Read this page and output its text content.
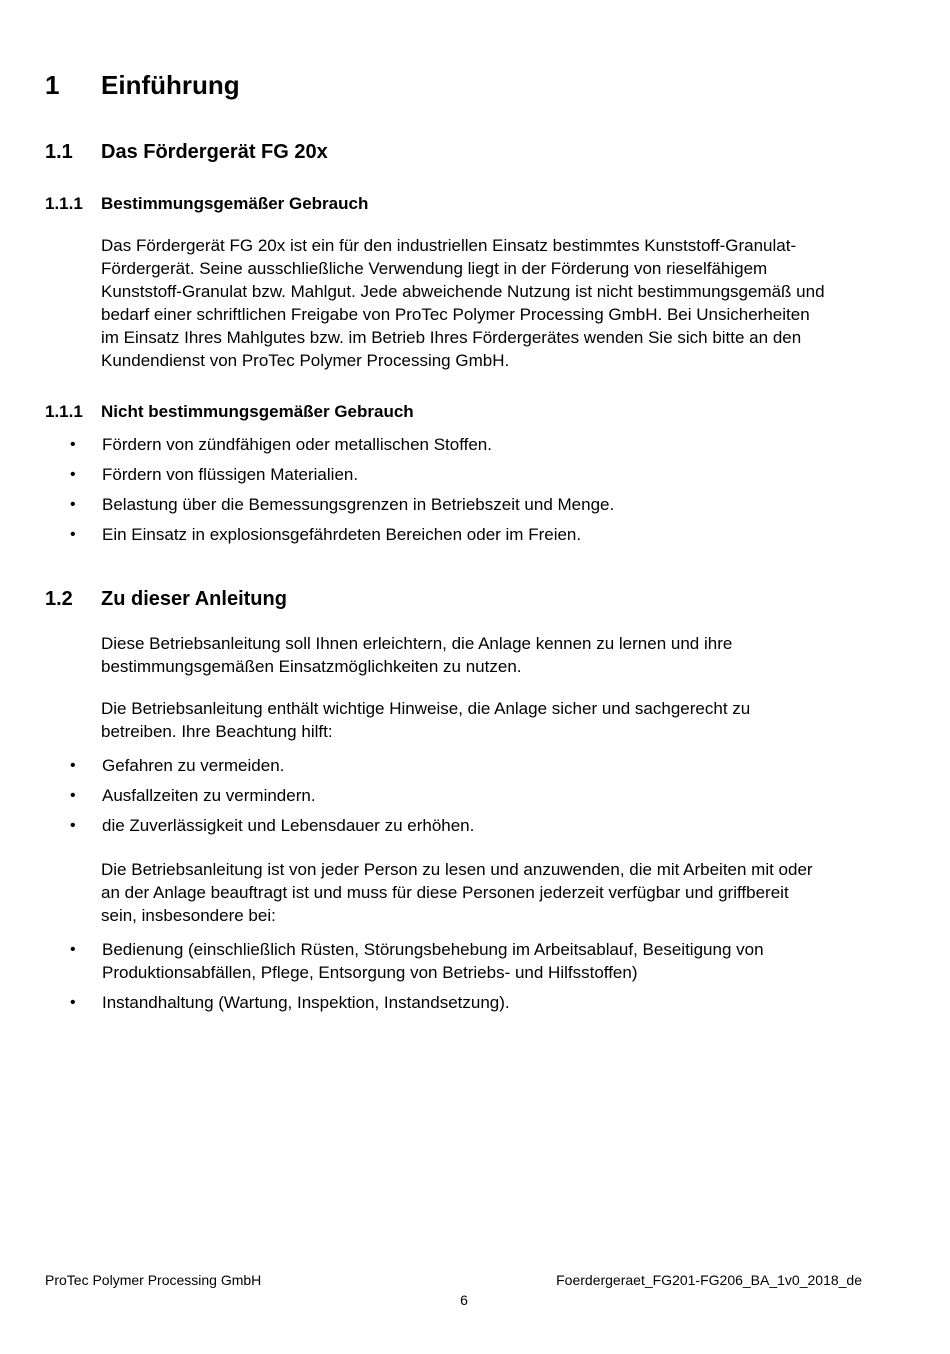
1 Einführung
1.1 Das Fördergerät FG 20x
1.1.1 Bestimmungsgemäßer Gebrauch
Das Fördergerät FG 20x ist ein für den industriellen Einsatz bestimmtes Kunststoff-Granulat-
Fördergerät. Seine ausschließliche Verwendung liegt in der Förderung von rieselfähigem
Kunststoff-Granulat bzw. Mahlgut. Jede abweichende Nutzung ist nicht bestimmungsgemäß und
bedarf einer schriftlichen Freigabe von ProTec Polymer Processing GmbH. Bei Unsicherheiten
im Einsatz Ihres Mahlgutes bzw. im Betrieb Ihres Fördergerätes wenden Sie sich bitte an den
Kundendienst von ProTec Polymer Processing GmbH.
1.1.1 Nicht bestimmungsgemäßer Gebrauch
• Fördern von zündfähigen oder metallischen Stoffen.
• Fördern von flüssigen Materialien.
• Belastung über die Bemessungsgrenzen in Betriebszeit und Menge.
• Ein Einsatz in explosionsgefährdeten Bereichen oder im Freien.
1.2 Zu dieser Anleitung
Diese Betriebsanleitung soll Ihnen erleichtern, die Anlage kennen zu lernen und ihre
bestimmungsgemäßen Einsatzmöglichkeiten zu nutzen.
Die Betriebsanleitung enthält wichtige Hinweise, die Anlage sicher und sachgerecht zu
betreiben. Ihre Beachtung hilft:
• Gefahren zu vermeiden.
• Ausfallzeiten zu vermindern.
• die Zuverlässigkeit und Lebensdauer zu erhöhen.
Die Betriebsanleitung ist von jeder Person zu lesen und anzuwenden, die mit Arbeiten mit oder
an der Anlage beauftragt ist und muss für diese Personen jederzeit verfügbar und griffbereit
sein, insbesondere bei:
• Bedienung (einschließlich Rüsten, Störungsbehebung im Arbeitsablauf, Beseitigung von
Produktionsabfällen, Pflege, Entsorgung von Betriebs- und Hilfsstoffen)
• Instandhaltung (Wartung, Inspektion, Instandsetzung).
ProTec Polymer Processing GmbH	Foerdergeraet_FG201-FG206_BA_1v0_2018_de
6
